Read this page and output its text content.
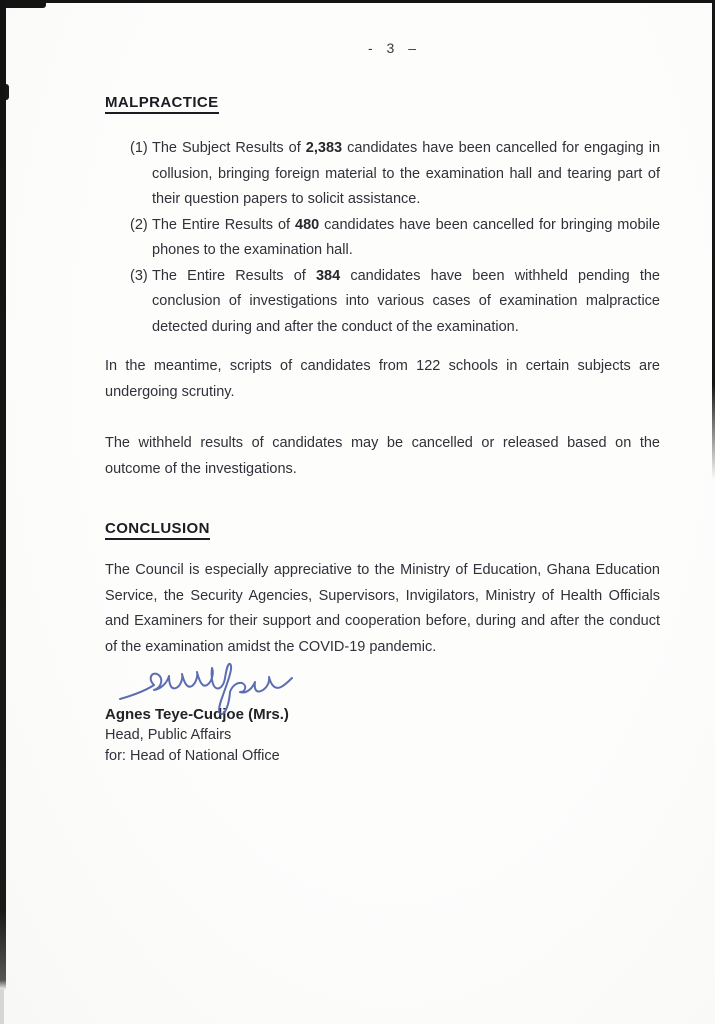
- 3 –
MALPRACTICE
(1) The Subject Results of 2,383 candidates have been cancelled for engaging in collusion, bringing foreign material to the examination hall and tearing part of their question papers to solicit assistance.
(2) The Entire Results of 480 candidates have been cancelled for bringing mobile phones to the examination hall.
(3) The Entire Results of 384 candidates have been withheld pending the conclusion of investigations into various cases of examination malpractice detected during and after the conduct of the examination.

In the meantime, scripts of candidates from 122 schools in certain subjects are undergoing scrutiny.

The withheld results of candidates may be cancelled or released based on the outcome of the investigations.

CONCLUSION

The Council is especially appreciative to the Ministry of Education, Ghana Education Service, the Security Agencies, Supervisors, Invigilators, Ministry of Health Officials and Examiners for their support and cooperation before, during and after the conduct of the examination amidst the COVID-19 pandemic.

Agnes Teye-Cudjoe (Mrs.)
Head, Public Affairs
for: Head of National Office
